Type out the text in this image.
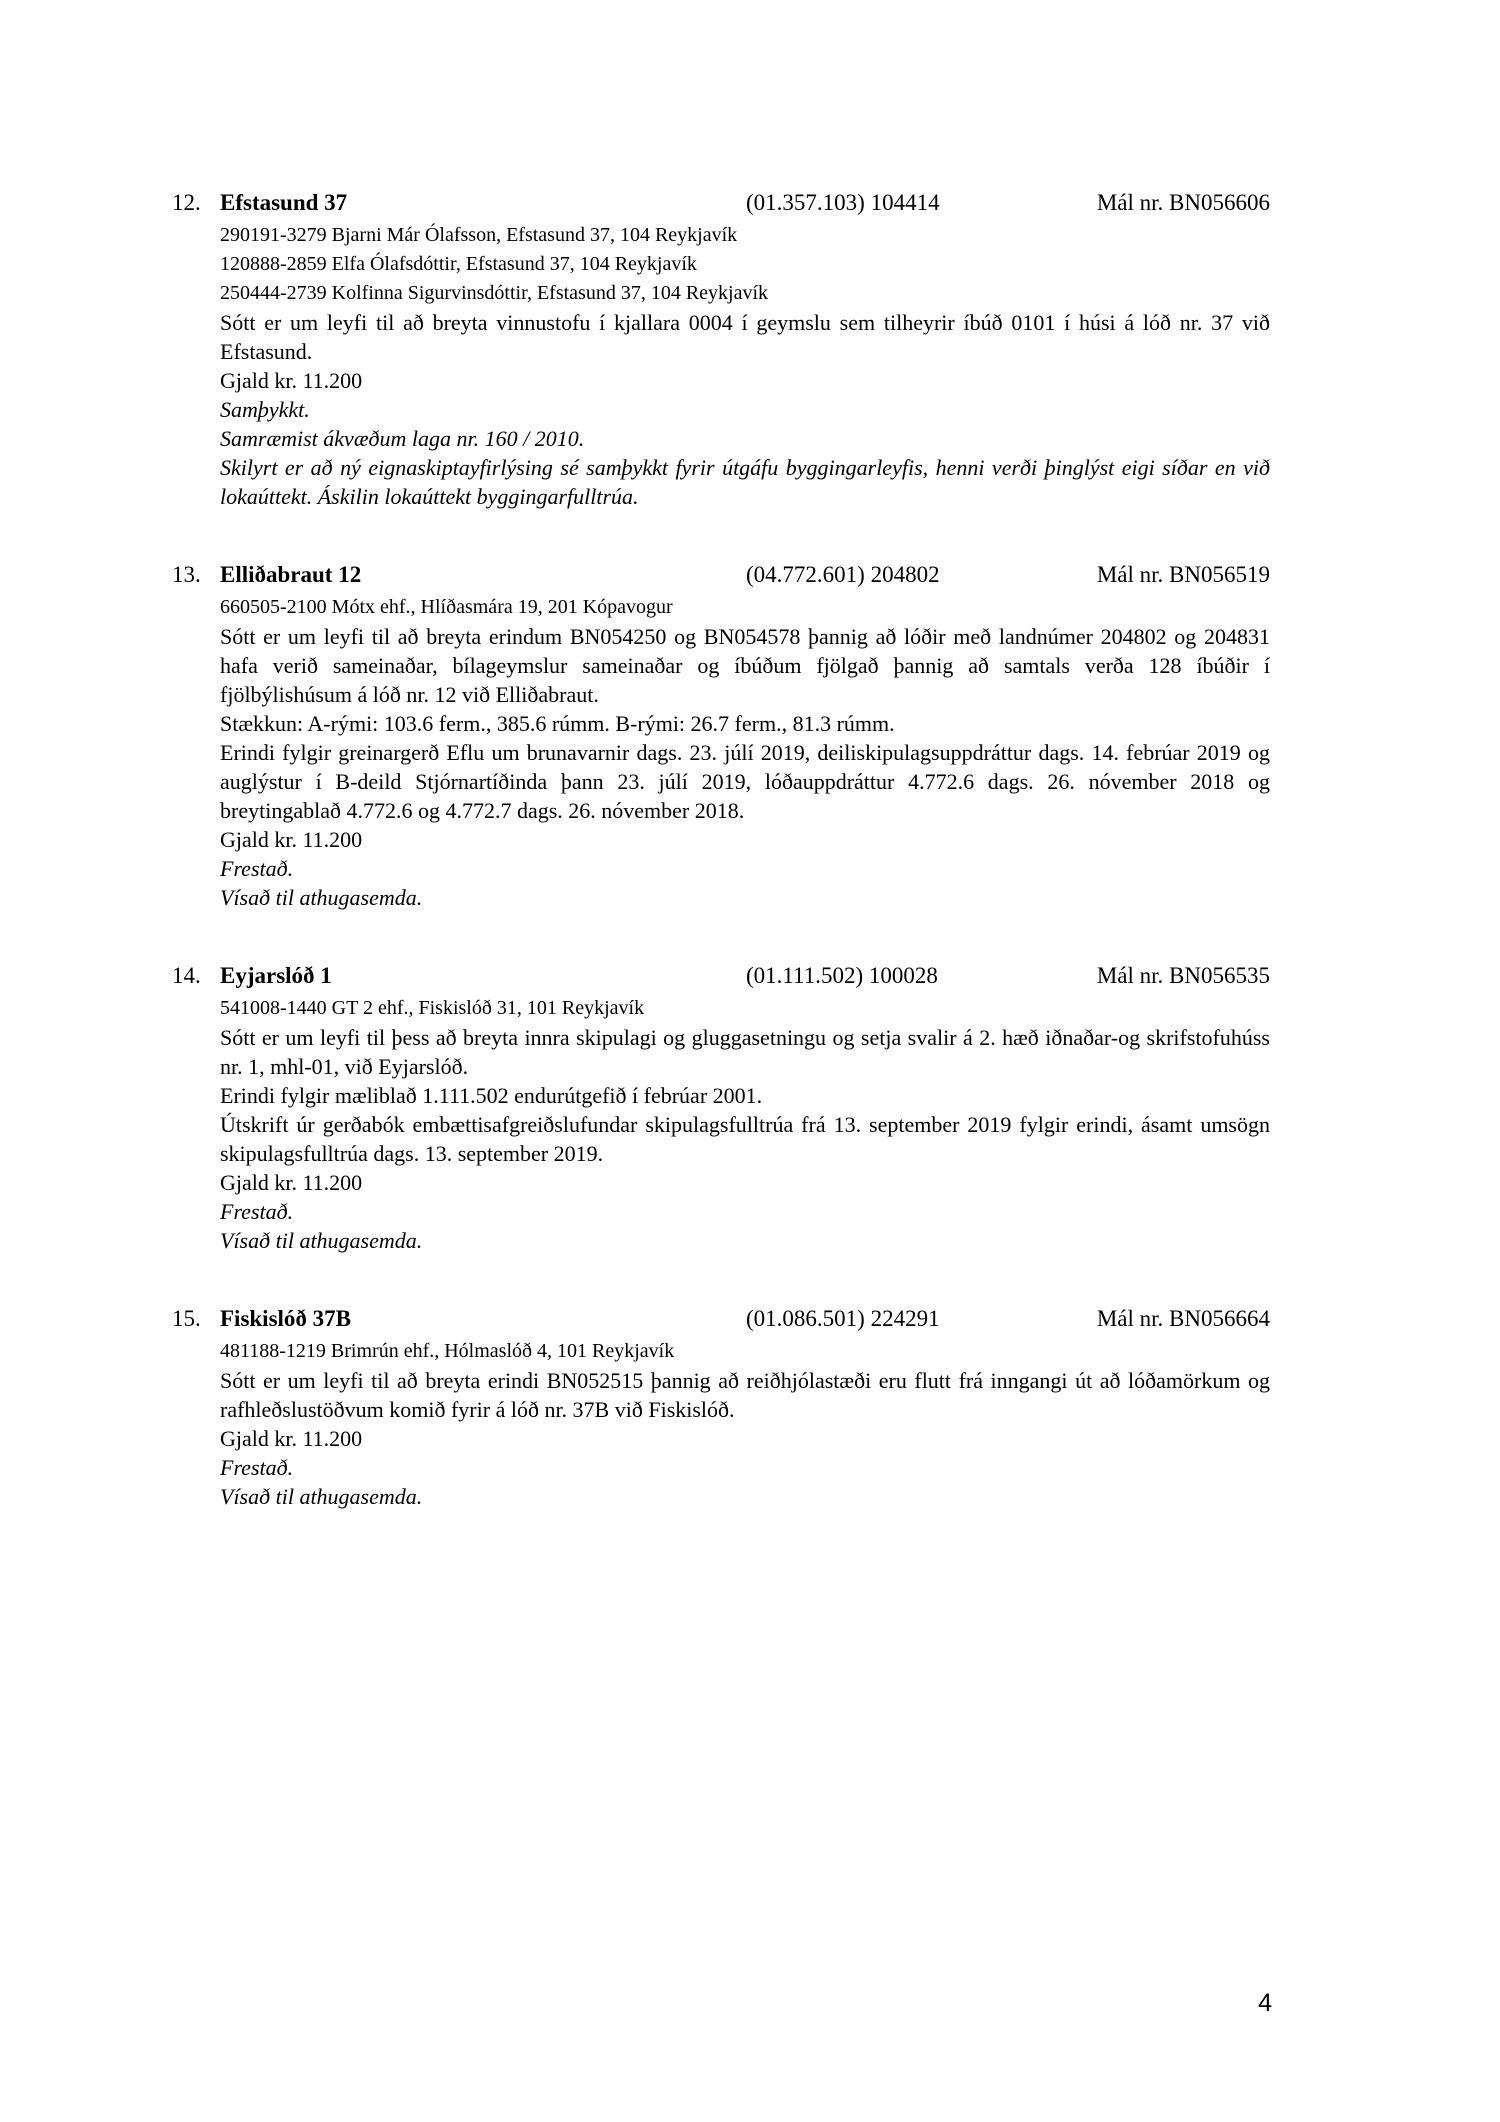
12. Efstasund 37	(01.357.103) 104414	Mál nr. BN056606

290191-3279 Bjarni Már Ólafsson, Efstasund 37, 104 Reykjavík

120888-2859 Elfa Ólafsdóttir, Efstasund 37, 104 Reykjavík

250444-2739 Kolfinna Sigurvinsdóttir, Efstasund 37, 104 Reykjavík

Sótt er um leyfi til að breyta vinnustofu í kjallara 0004 í geymslu sem tilheyrir íbúð 0101 í húsi á lóð nr. 37 við Efstasund.

Gjald kr. 11.200

Samþykkt.

Samræmist ákvæðum laga nr. 160 / 2010.

Skilyrt er að ný eignaskiptayfirlýsing sé samþykkt fyrir útgáfu byggingarleyfis, henni verði þinglýst eigi síðar en við lokaúttekt. Áskilin lokaúttekt byggingarfulltrúa.

13. Elliðabraut 12	(04.772.601) 204802	Mál nr. BN056519

660505-2100 Mótx ehf., Hlíðasmára 19, 201 Kópavogur

Sótt er um leyfi til að breyta erindum BN054250 og BN054578 þannig að lóðir með landnúmer 204802 og 204831 hafa verið sameinaðar, bílageymslur sameinaðar og íbúðum fjölgað þannig að samtals verða 128 íbúðir í fjölbýlishúsum á lóð nr. 12 við Elliðabraut.

Stækkun: A-rými: 103.6 ferm., 385.6 rúmm. B-rými: 26.7 ferm., 81.3 rúmm.

Erindi fylgir greinargerð Eflu um brunavarnir dags. 23. júlí 2019, deiliskipulagsuppdráttur dags. 14. febrúar 2019 og auglýstur í B-deild Stjórnartíðinda þann 23. júlí 2019, lóðauppdráttur 4.772.6 dags. 26. nóvember 2018 og breytingablað 4.772.6 og 4.772.7 dags. 26. nóvember 2018.

Gjald kr. 11.200

Frestað.

Vísað til athugasemda.

14. Eyjarslóð 1	(01.111.502) 100028	Mál nr. BN056535

541008-1440 GT 2 ehf., Fiskislóð 31, 101 Reykjavík

Sótt er um leyfi til þess að breyta innra skipulagi og gluggasetningu og setja svalir á 2. hæð iðnaðar-og skrifstofuhúss nr. 1, mhl-01, við Eyjarslóð.

Erindi fylgir mæliblað 1.111.502 endurútgefið í febrúar 2001.

Útskrift úr gerðabók embættisafgreiðslufundar skipulagsfulltrúa frá 13. september 2019 fylgir erindi, ásamt umsögn skipulagsfulltrúa dags. 13. september 2019.

Gjald kr. 11.200

Frestað.

Vísað til athugasemda.

15. Fiskislóð 37B	(01.086.501) 224291	Mál nr. BN056664

481188-1219 Brimrún ehf., Hólmaslóð 4, 101 Reykjavík

Sótt er um leyfi til að breyta erindi BN052515 þannig að reiðhjólastæði eru flutt frá inngangi út að lóðamörkum og rafhleðslustöðvum komið fyrir á lóð nr. 37B við Fiskislóð.

Gjald kr. 11.200

Frestað.

Vísað til athugasemda.

4
